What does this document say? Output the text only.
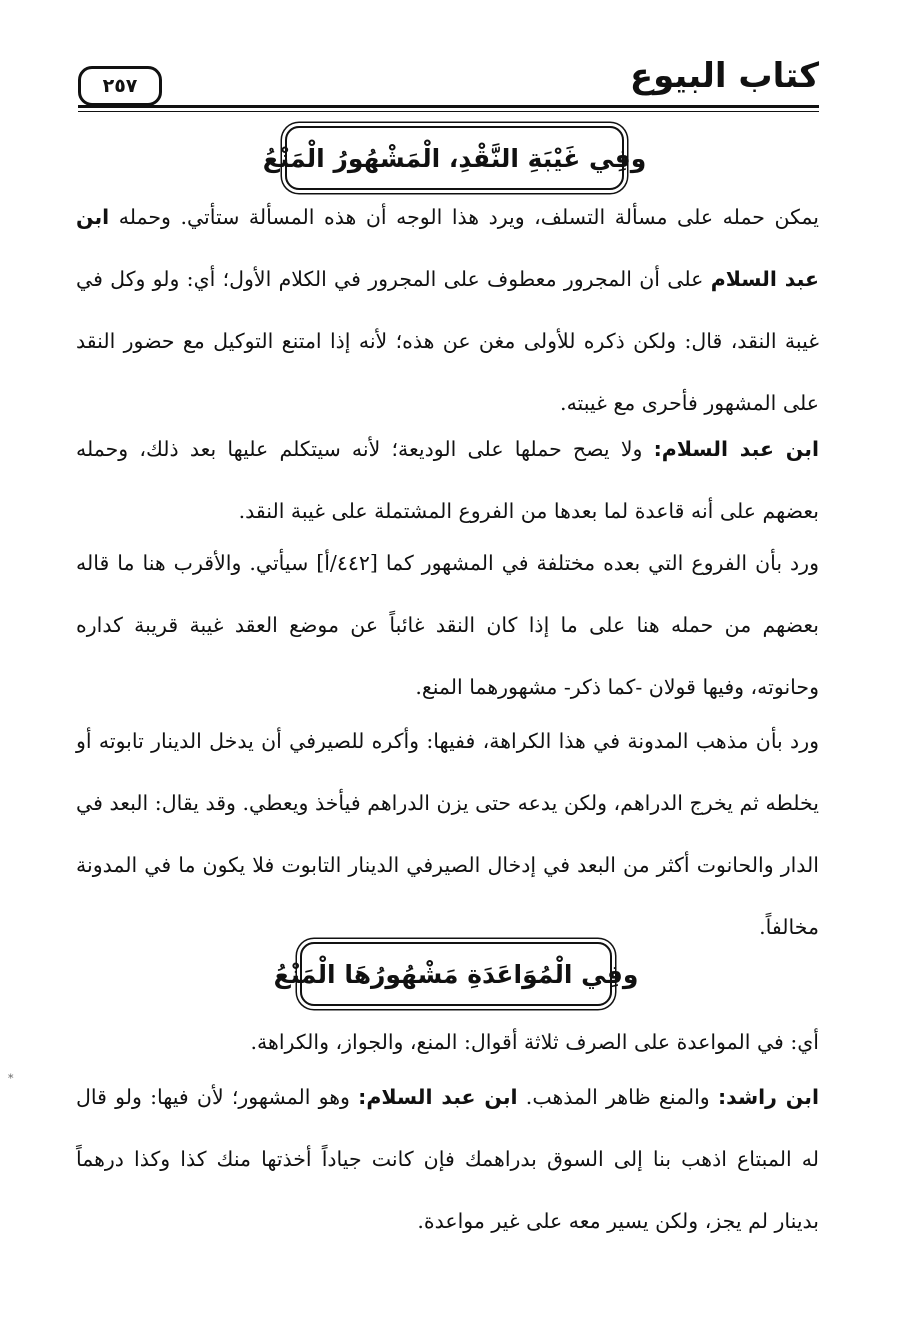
كتاب البيوع
٢٥٧
وفِي غَيْبَةِ النَّقْدِ، الْمَشْهُورُ الْمَنْعُ
يمكن حمله على مسألة التسلف، ويرد هذا الوجه أن هذه المسألة ستأتي. وحمله ابن عبد السلام على أن المجرور معطوف على المجرور في الكلام الأول؛ أي: ولو وكل في غيبة النقد، قال: ولكن ذكره للأولى مغن عن هذه؛ لأنه إذا امتنع التوكيل مع حضور النقد على المشهور فأحرى مع غيبته.
ابن عبد السلام: ولا يصح حملها على الوديعة؛ لأنه سيتكلم عليها بعد ذلك، وحمله بعضهم على أنه قاعدة لما بعدها من الفروع المشتملة على غيبة النقد.
ورد بأن الفروع التي بعده مختلفة في المشهور كما [٤٤٢/أ] سيأتي. والأقرب هنا ما قاله بعضهم من حمله هنا على ما إذا كان النقد غائباً عن موضع العقد غيبة قريبة كداره وحانوته، وفيها قولان -كما ذكر- مشهورهما المنع.
ورد بأن مذهب المدونة في هذا الكراهة، ففيها: وأكره للصيرفي أن يدخل الدينار تابوته أو يخلطه ثم يخرج الدراهم، ولكن يدعه حتى يزن الدراهم فيأخذ ويعطي. وقد يقال: البعد في الدار والحانوت أكثر من البعد في إدخال الصيرفي الدينار التابوت فلا يكون ما في المدونة مخالفاً.
وفِي الْمُوَاعَدَةِ مَشْهُورُهَا الْمَنْعُ
أي: في المواعدة على الصرف ثلاثة أقوال: المنع، والجواز، والكراهة.
ابن راشد: والمنع ظاهر المذهب. ابن عبد السلام: وهو المشهور؛ لأن فيها: ولو قال له المبتاع اذهب بنا إلى السوق بدراهمك فإن كانت جياداً أخذتها منك كذا وكذا درهماً بدينار لم يجز، ولكن يسير معه على غير مواعدة.
*
